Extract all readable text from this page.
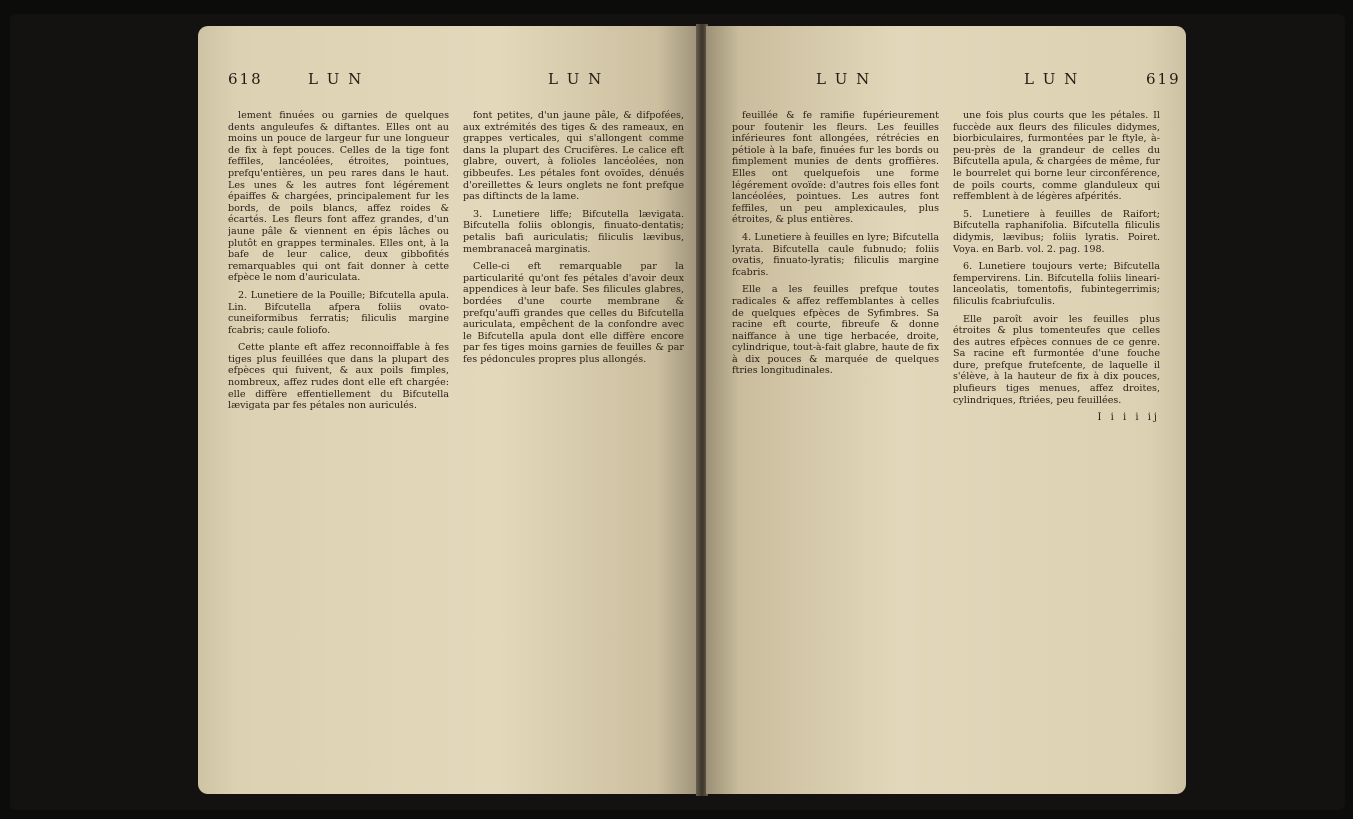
618	L U N	L U N

lement finuées ou garnies de quelques dents anguleufes & diftantes. Elles ont au moins un pouce de largeur fur une longueur de fix à fept pouces. Celles de la tige font feffiles, lancéolées, étroites, pointues, prefqu'entières, un peu rares dans le haut. Les unes & les autres font légérement épaiffes & chargées, principalement fur les bords, de poils blancs, affez roides & écartés. Les fleurs font affez grandes, d'un jaune pâle & viennent en épis lâches ou plutôt en grappes terminales. Elles ont, à la bafe de leur calice, deux gibbofités remarquables qui ont fait donner à cette efpèce le nom d'auriculata.

2. Lunetiere de la Pouille; Bifcutella apula. Lin. Bifcutella afpera foliis ovato-cuneiformibus ferratis; filiculis margine fcabris; caule foliofo.

Cette plante eft affez reconnoiffable à fes tiges plus feuillées que dans la plupart des efpèces qui fuivent, & aux poils fimples, nombreux, affez rudes dont elle eft chargée: elle diffère effentiellement du Bifcutella lævigata par fes pétales non auriculés.

font petites, d'un jaune pâle, & difpofées, aux extrémités des tiges & des rameaux, en grappes verticales, qui s'allongent comme dans la plupart des Crucifères. Le calice eft glabre, ouvert, à folioles lancéolées, non gibbeufes. Les pétales font ovoïdes, dénués d'oreillettes & leurs onglets ne font prefque pas diftincts de la lame.

3. Lunetiere liffe; Bifcutella lævigata. Bifcutella foliis oblongis, finuato-dentatis; petalis bafi auriculatis; filiculis lævibus, membranaceâ marginatis.

Celle-ci eft remarquable par la particularité qu'ont fes pétales d'avoir deux appendices à leur bafe. Ses filicules glabres, bordées d'une courte membrane & prefqu'auffi grandes que celles du Bifcutella auriculata, empêchent de la confondre avec le Bifcutella apula dont elle diffère encore par fes tiges moins garnies de feuilles & par fes pédoncules propres plus allongés.

L U N	L U N	619

feuillée & fe ramifie fupérieurement pour foutenir les fleurs. Les feuilles inférieures font allongées, rétrécies en pétiole à la bafe, finuées fur les bords ou fimplement munies de dents groffières. Elles ont quelquefois une forme légérement ovoïde: d'autres fois elles font lancéolées, pointues. Les autres font feffiles, un peu amplexicaules, plus étroites, & plus entières.

4. Lunetiere à feuilles en lyre; Bifcutella lyrata. Bifcutella caule fubnudo; foliis ovatis, finuato-lyratis; filiculis margine fcabris.

Elle a les feuilles prefque toutes radicales & affez reffemblantes à celles de quelques efpèces de Syfimbres. Sa racine eft courte, fibreufe & donne naiffance à une tige herbacée, droite, cylindrique, tout-à-fait glabre, haute de fix à dix pouces & marquée de quelques ftries longitudinales.

une fois plus courts que les pétales. Il fuccède aux fleurs des filicules didymes, biorbiculaires, furmontées par le ftyle, à-peu-près de la grandeur de celles du Bifcutella apula, & chargées de même, fur le bourrelet qui borne leur circonférence, de poils courts, comme glanduleux qui reffemblent à de légères afpérités.

5. Lunetiere à feuilles de Raifort; Bifcutella raphanifolia. Bifcutella filiculis didymis, lævibus; foliis lyratis. Poiret. Voya. en Barb. vol. 2. pag. 198.

6. Lunetiere toujours verte; Bifcutella fempervirens. Lin. Bifcutella foliis lineari-lanceolatis, tomentofis, fubintegerrimis; filiculis fcabriufculis.

Elle paroît avoir les feuilles plus étroites & plus tomenteufes que celles des autres efpèces connues de ce genre. Sa racine eft furmontée d'une fouche dure, prefque frutefcente, de laquelle il s'élève, à la hauteur de fix à dix pouces, plufieurs tiges menues, affez droites, cylindriques, ftriées, peu feuillées.

I i i i ij
